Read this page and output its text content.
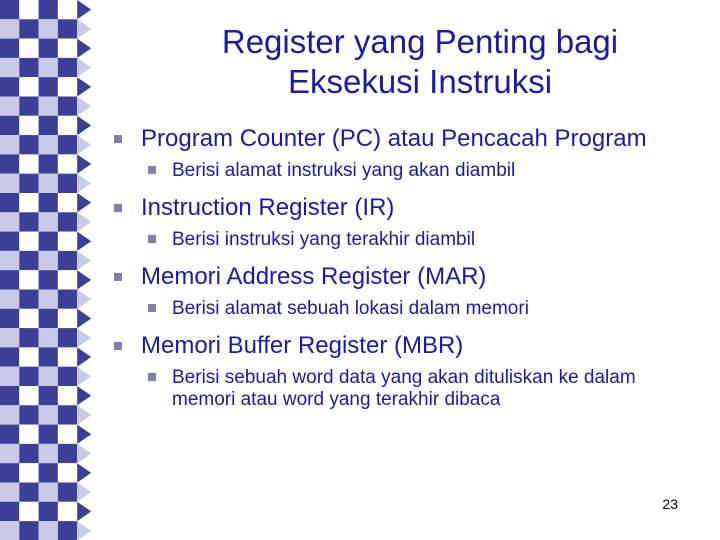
Register yang Penting bagi
Eksekusi Instruksi
Program Counter (PC) atau Pencacah Program
Berisi alamat instruksi yang akan diambil
Instruction Register (IR)
Berisi instruksi yang terakhir diambil
Memori Address Register (MAR)
Berisi alamat sebuah lokasi dalam memori
Memori Buffer Register (MBR)
Berisi sebuah word data yang akan dituliskan ke dalam memori atau word yang terakhir dibaca
23
